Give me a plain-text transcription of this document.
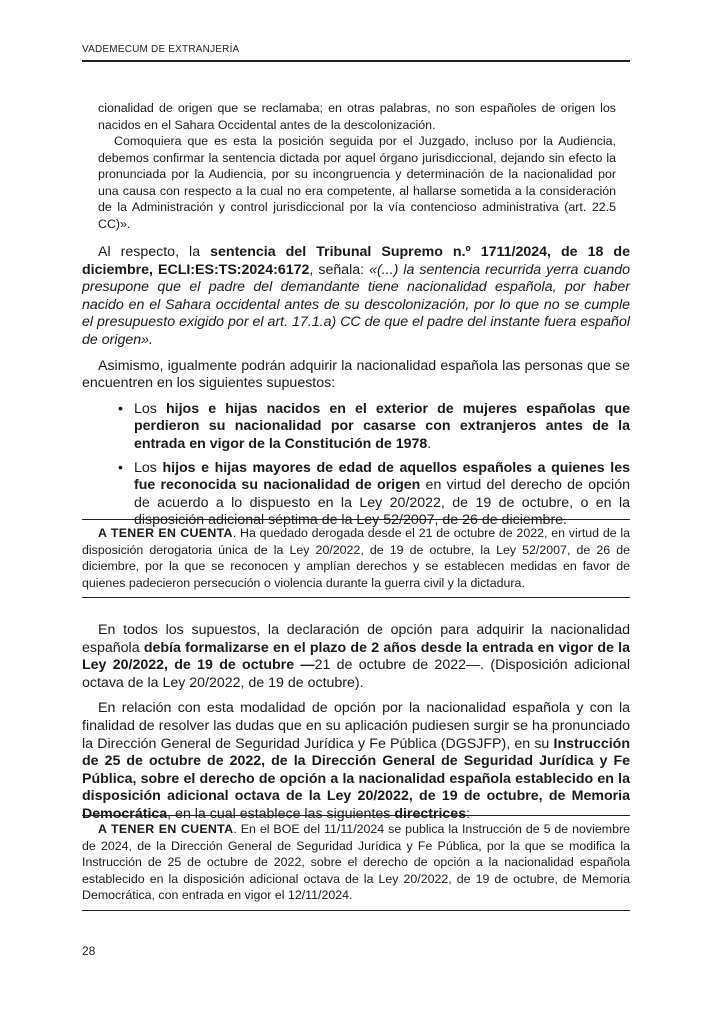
VADEMECUM DE EXTRANJERÍA

cionalidad de origen que se reclamaba; en otras palabras, no son españoles de origen los nacidos en el Sahara Occidental antes de la descolonización.

Comoquiera que es esta la posición seguida por el Juzgado, incluso por la Audiencia, debemos confirmar la sentencia dictada por aquel órgano jurisdiccional, dejando sin efecto la pronunciada por la Audiencia, por su incongruencia y determinación de la nacionalidad por una causa con respecto a la cual no era competente, al hallarse sometida a la consideración de la Administración y control jurisdiccional por la vía contencioso administrativa (art. 22.5 CC)».

Al respecto, la sentencia del Tribunal Supremo n.º 1711/2024, de 18 de diciembre, ECLI:ES:TS:2024:6172, señala: «(...) la sentencia recurrida yerra cuando presupone que el padre del demandante tiene nacionalidad española, por haber nacido en el Sahara occidental antes de su descolonización, por lo que no se cumple el presupuesto exigido por el art. 17.1.a) CC de que el padre del instante fuera español de origen».

Asimismo, igualmente podrán adquirir la nacionalidad española las personas que se encuentren en los siguientes supuestos:

• Los hijos e hijas nacidos en el exterior de mujeres españolas que perdieron su nacionalidad por casarse con extranjeros antes de la entrada en vigor de la Constitución de 1978.
• Los hijos e hijas mayores de edad de aquellos españoles a quienes les fue reconocida su nacionalidad de origen en virtud del derecho de opción de acuerdo a lo dispuesto en la Ley 20/2022, de 19 de octubre, o en la disposición adicional séptima de la Ley 52/2007, de 26 de diciembre.

A TENER EN CUENTA. Ha quedado derogada desde el 21 de octubre de 2022, en virtud de la disposición derogatoria única de la Ley 20/2022, de 19 de octubre, la Ley 52/2007, de 26 de diciembre, por la que se reconocen y amplían derechos y se establecen medidas en favor de quienes padecieron persecución o violencia durante la guerra civil y la dictadura.

En todos los supuestos, la declaración de opción para adquirir la nacionalidad española debía formalizarse en el plazo de 2 años desde la entrada en vigor de la Ley 20/2022, de 19 de octubre —21 de octubre de 2022—. (Disposición adicional octava de la Ley 20/2022, de 19 de octubre).

En relación con esta modalidad de opción por la nacionalidad española y con la finalidad de resolver las dudas que en su aplicación pudiesen surgir se ha pronunciado la Dirección General de Seguridad Jurídica y Fe Pública (DGSJFP), en su Instrucción de 25 de octubre de 2022, de la Dirección General de Seguridad Jurídica y Fe Pública, sobre el derecho de opción a la nacionalidad española establecido en la disposición adicional octava de la Ley 20/2022, de 19 de octubre, de Memoria Democrática, en la cual establece las siguientes directrices:

A TENER EN CUENTA. En el BOE del 11/11/2024 se publica la Instrucción de 5 de noviembre de 2024, de la Dirección General de Seguridad Jurídica y Fe Pública, por la que se modifica la Instrucción de 25 de octubre de 2022, sobre el derecho de opción a la nacionalidad española establecido en la disposición adicional octava de la Ley 20/2022, de 19 de octubre, de Memoria Democrática, con entrada en vigor el 12/11/2024.

28
